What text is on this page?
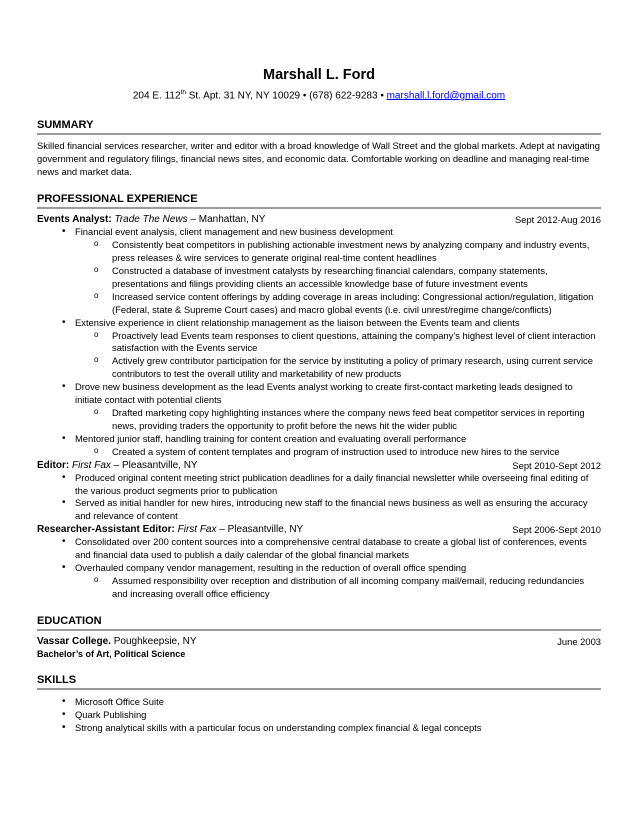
Marshall L. Ford
204 E. 112th St. Apt. 31 NY, NY 10029 • (678) 622-9283 • marshall.l.ford@gmail.com
SUMMARY
Skilled financial services researcher, writer and editor with a broad knowledge of Wall Street and the global markets. Adept at navigating government and regulatory filings, financial news sites, and economic data. Comfortable working on deadline and managing real-time news and market data.
PROFESSIONAL EXPERIENCE
Events Analyst: Trade The News – Manhattan, NY	Sept 2012-Aug 2016
• Financial event analysis, client management and new business development
o Consistently beat competitors in publishing actionable investment news by analyzing company and industry events, press releases & wire services to generate original real-time content headlines
o Constructed a database of investment catalysts by researching financial calendars, company statements, presentations and filings providing clients an accessible knowledge base of future investment events
o Increased service content offerings by adding coverage in areas including: Congressional action/regulation, litigation (Federal, state & Supreme Court cases) and macro global events (i.e. civil unrest/regime change/conflicts)
• Extensive experience in client relationship management as the liaison between the Events team and clients
o Proactively lead Events team responses to client questions, attaining the company’s highest level of client interaction satisfaction with the Events service
o Actively grew contributor participation for the service by instituting a policy of primary research, using current service contributors to test the overall utility and marketability of new products
• Drove new business development as the lead Events analyst working to create first-contact marketing leads designed to initiate contact with potential clients
o Drafted marketing copy highlighting instances where the company news feed beat competitor services in reporting news, providing traders the opportunity to profit before the news hit the wider public
• Mentored junior staff, handling training for content creation and evaluating overall performance
o Created a system of content templates and program of instruction used to introduce new hires to the service
Editor: First Fax – Pleasantville, NY	Sept 2010-Sept 2012
• Produced original content meeting strict publication deadlines for a daily financial newsletter while overseeing final editing of the various product segments prior to publication
• Served as initial handler for new hires, introducing new staff to the financial news business as well as ensuring the accuracy and relevance of content
Researcher-Assistant Editor: First Fax – Pleasantville, NY	Sept 2006-Sept 2010
• Consolidated over 200 content sources into a comprehensive central database to create a global list of conferences, events and financial data used to publish a daily calendar of the global financial markets
• Overhauled company vendor management, resulting in the reduction of overall office spending
o Assumed responsibility over reception and distribution of all incoming company mail/email, reducing redundancies and increasing overall office efficiency
EDUCATION
Vassar College. Poughkeepsie, NY	June 2003
Bachelor’s of Art, Political Science
SKILLS
• Microsoft Office Suite
• Quark Publishing
• Strong analytical skills with a particular focus on understanding complex financial & legal concepts
